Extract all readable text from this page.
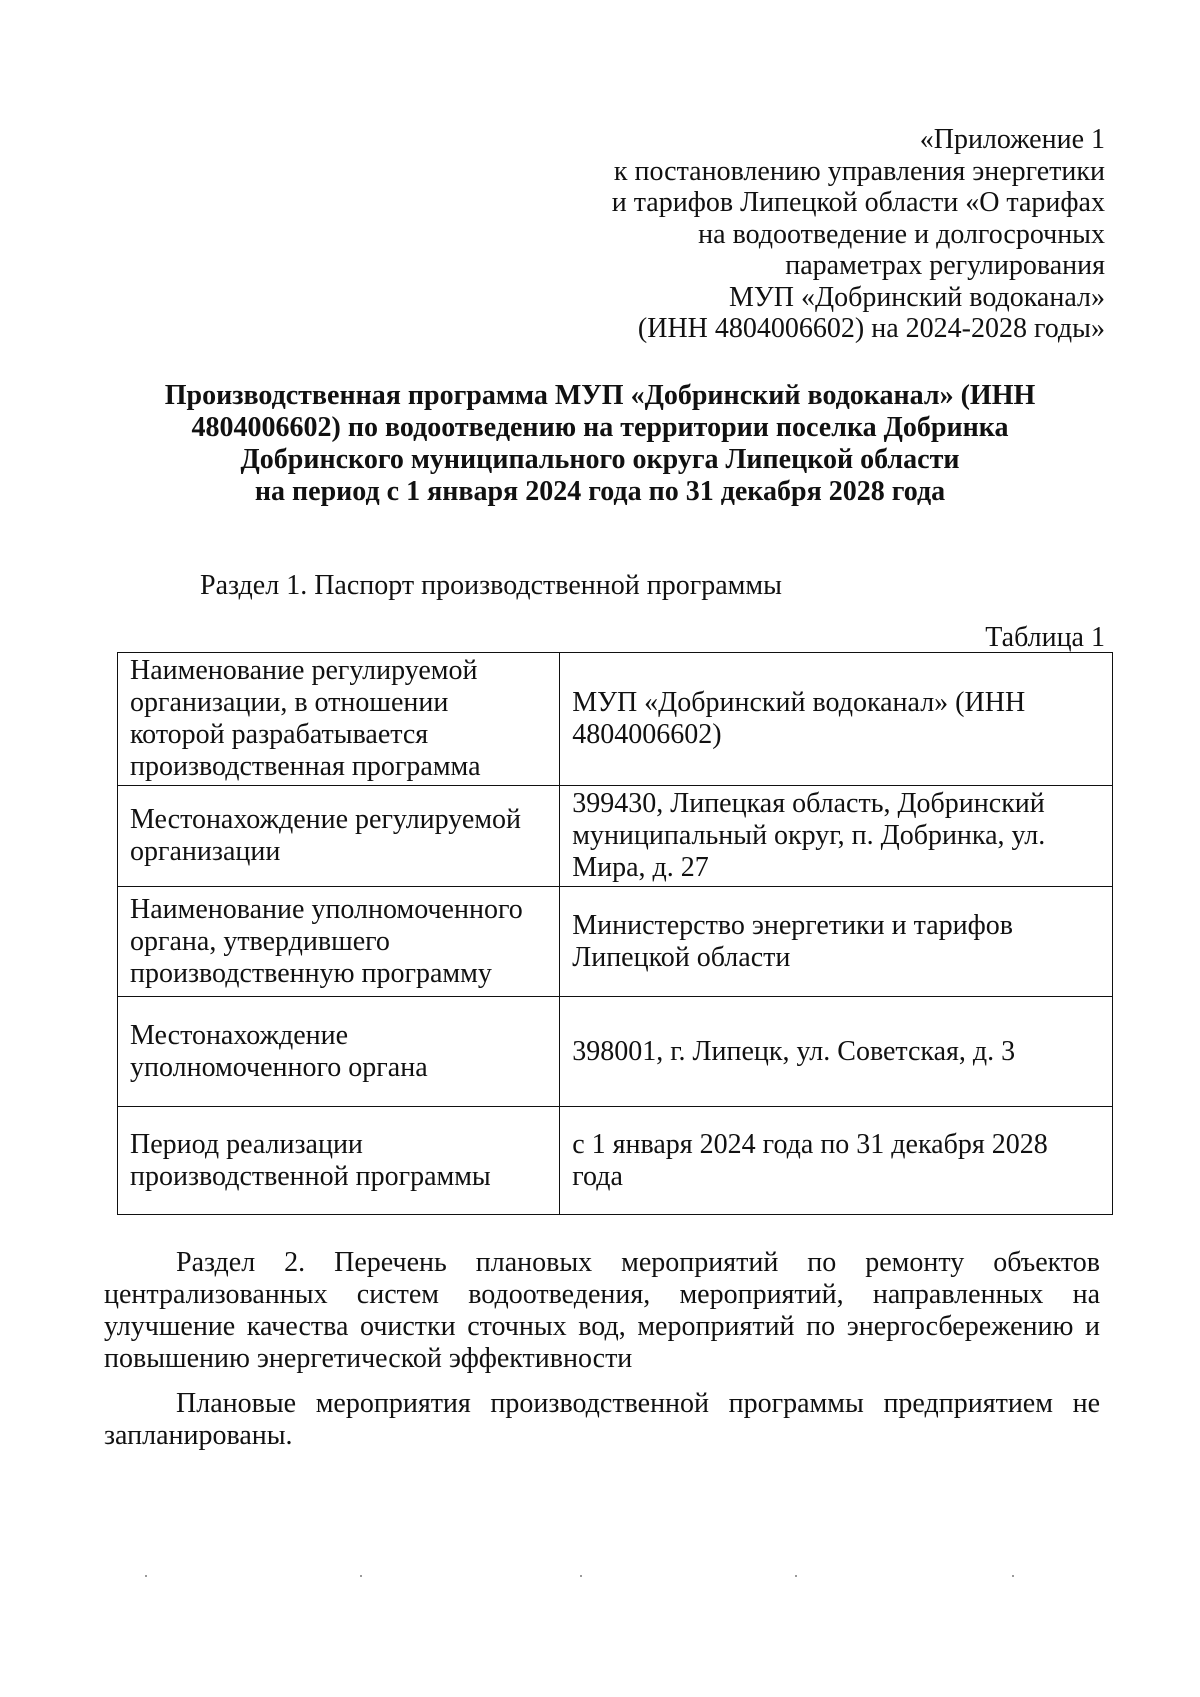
«Приложение 1
к постановлению управления энергетики
и тарифов Липецкой области «О тарифах
на водоотведение и долгосрочных
параметрах регулирования
МУП «Добринский водоканал»
(ИНН 4804006602) на 2024-2028 годы»
Производственная программа МУП «Добринский водоканал» (ИНН
4804006602) по водоотведению на территории поселка Добринка
Добринского муниципального округа Липецкой области
на период с 1 января 2024 года по 31 декабря 2028 года
Раздел 1. Паспорт производственной программы
Таблица 1
Наименование регулируемой организации, в отношении которой разрабатывается производственная программа	МУП «Добринский водоканал» (ИНН 4804006602)
Местонахождение регулируемой организации	399430, Липецкая область, Добринский муниципальный округ, п. Добринка, ул. Мира, д. 27
Наименование уполномоченного органа, утвердившего производственную программу	Министерство энергетики и тарифов Липецкой области
Местонахождение уполномоченного органа	398001, г. Липецк, ул. Советская, д. 3
Период реализации производственной программы	с 1 января 2024 года по 31 декабря 2028 года
Раздел 2. Перечень плановых мероприятий по ремонту объектов централизованных систем водоотведения, мероприятий, направленных на улучшение качества очистки сточных вод, мероприятий по энергосбережению и повышению энергетической эффективности
Плановые мероприятия производственной программы предприятием не запланированы.
